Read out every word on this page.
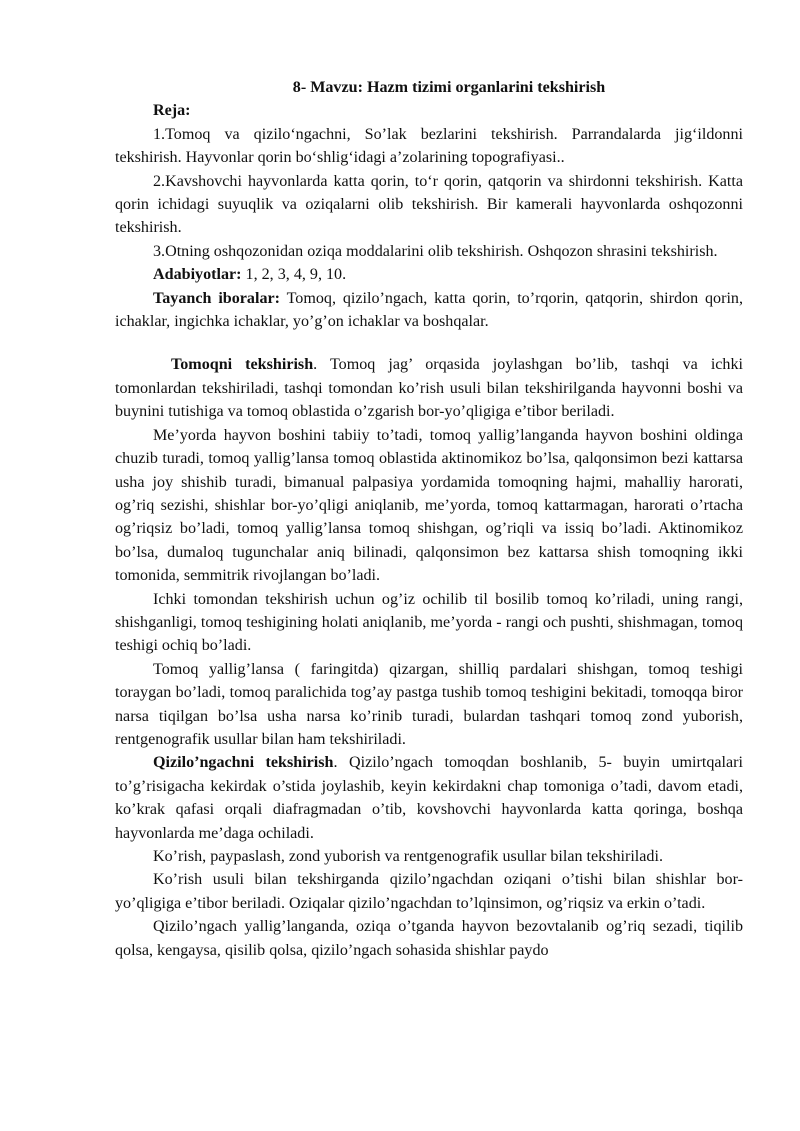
8- Mavzu: Hazm tizimi organlarini tekshirish

Reja:

1.Tomoq va qizilo‘ngachni, So’lak bezlarini tekshirish. Parrandalarda jig‘ildonni tekshirish. Hayvonlar qorin bo‘shlig‘idagi a’zolarining topografiyasi..

2.Kavshovchi hayvonlarda katta qorin, to‘r qorin, qatqorin va shirdonni tekshirish. Katta qorin ichidagi suyuqlik va oziqalarni olib tekshirish. Bir kamerali hayvonlarda oshqozonni tekshirish.

3.Otning oshqozonidan oziqa moddalarini olib tekshirish. Oshqozon shrasini tekshirish.

Adabiyotlar: 1, 2, 3, 4, 9, 10.

Tayanch iboralar: Tomoq, qizilo’ngach, katta qorin, to’rqorin, qatqorin, shirdon qorin, ichaklar, ingichka ichaklar, yo’g’on ichaklar va boshqalar.

Tomoqni tekshirish. Tomoq jag’ orqasida joylashgan bo’lib, tashqi va ichki tomonlardan tekshiriladi, tashqi tomondan ko’rish usuli bilan tekshirilganda hayvonni boshi va buynini tutishiga va tomoq oblastida o’zgarish bor-yo’qligiga e’tibor beriladi.

Me’yorda hayvon boshini tabiiy to’tadi, tomoq yallig’langanda hayvon boshini oldinga chuzib turadi, tomoq yallig’lansa tomoq oblastida aktinomikoz bo’lsa, qalqonsimon bezi kattarsa usha joy shishib turadi, bimanual palpasiya yordamida tomoqning hajmi, mahalliy harorati, og’riq sezishi, shishlar bor-yo’qligi aniqlanib, me’yorda, tomoq kattarmagan, harorati o’rtacha og’riqsiz bo’ladi, tomoq yallig’lansa tomoq shishgan, og’riqli va issiq bo’ladi. Aktinomikoz bo’lsa, dumaloq tugunchalar aniq bilinadi, qalqonsimon bez kattarsa shish tomoqning ikki tomonida, semmitrik rivojlangan bo’ladi.

Ichki tomondan tekshirish uchun og’iz ochilib til bosilib tomoq ko’riladi, uning rangi, shishganligi, tomoq teshigining holati aniqlanib, me’yorda - rangi och pushti, shishmagan, tomoq teshigi ochiq bo’ladi.

Tomoq yallig’lansa ( faringitda) qizargan, shilliq pardalari shishgan, tomoq teshigi toraygan bo’ladi, tomoq paralichida tog’ay pastga tushib tomoq teshigini bekitadi, tomoqqa biror narsa tiqilgan bo’lsa usha narsa ko’rinib turadi, bulardan tashqari tomoq zond yuborish, rentgenografik usullar bilan ham tekshiriladi.

Qizilo’ngachni tekshirish. Qizilo’ngach tomoqdan boshlanib, 5- buyin umirtqalari to’g’risigacha kekirdak o’stida joylashib, keyin kekirdakni chap tomoniga o’tadi, davom etadi, ko’krak qafasi orqali diafragmadan o’tib, kovshovchi hayvonlarda katta qoringa, boshqa hayvonlarda me’daga ochiladi.

Ko’rish, paypaslash, zond yuborish va rentgenografik usullar bilan tekshiriladi.

Ko’rish usuli bilan tekshirganda qizilo’ngachdan oziqani o’tishi bilan shishlar bor-yo’qligiga e’tibor beriladi. Oziqalar qizilo’ngachdan to’lqinsimon, og’riqsiz va erkin o’tadi.

Qizilo’ngach yallig’langanda, oziqa o’tganda hayvon bezovtalanib og’riq sezadi, tiqilib qolsa, kengaysa, qisilib qolsa, qizilo’ngach sohasida shishlar paydo
